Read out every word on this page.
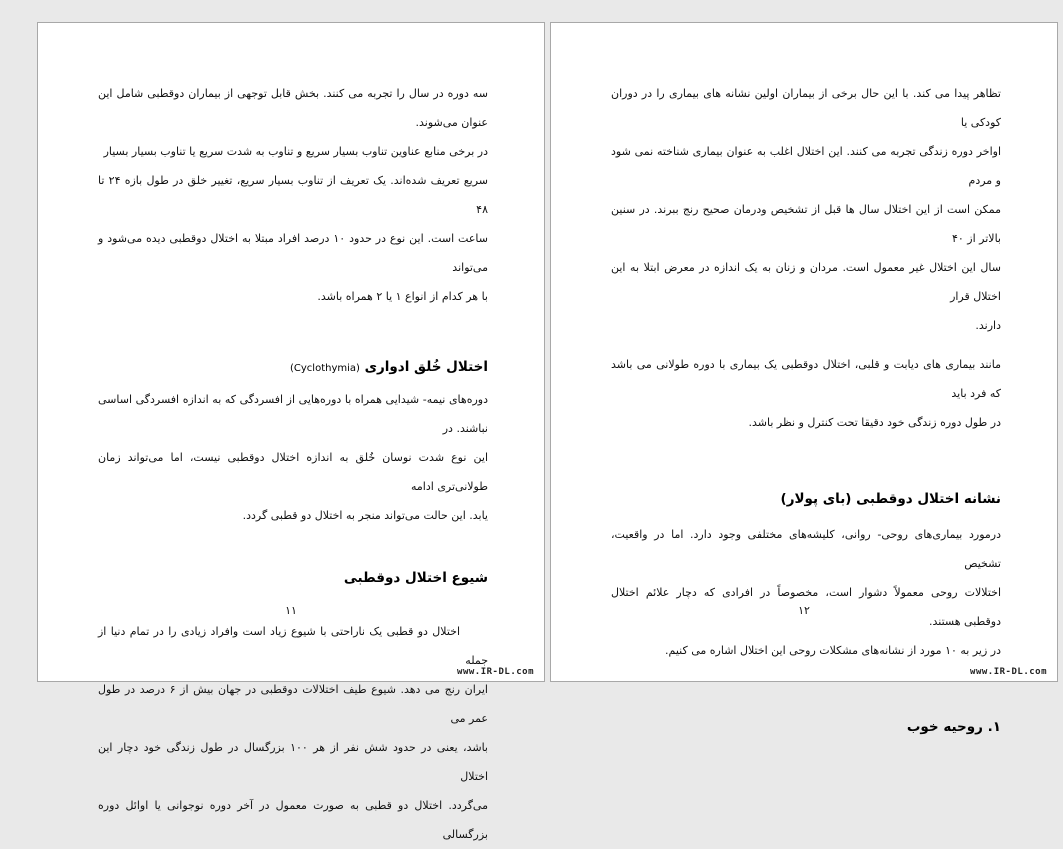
سه دوره در سال را تجربه می کنند. بخش قابل توجهی از بیماران دوقطبی شامل این عنوان می‌شوند.

در برخی منابع عناوین تناوب بسیار سریع و تناوب به شدت سریع یا تناوب بسیار بسیار

سریع تعریف شده‌اند. یک تعریف از تناوب بسیار سریع، تغییر خلق در طول بازه ۲۴ تا ۴۸

ساعت است. این نوع در حدود ۱۰ درصد افراد مبتلا به اختلال دوقطبی دیده می‌شود و می‌تواند

با هر کدام از انواع ۱ یا ۲ همراه باشد.

اختلال خُلق ادواری (Cyclothymia)

دوره‌های نیمه- شیدایی همراه با دوره‌هایی از افسردگی که به اندازه افسردگی اساسی نباشند. در

این نوع شدت نوسان خُلق به اندازه اختلال دوقطبی نیست، اما می‌تواند زمان طولانی‌تری ادامه

یابد. این حالت می‌تواند منجر به اختلال دو قطبی گردد.

شیوع اختلال دوقطبی

اختلال دو قطبی یک ناراحتی با شیوع زیاد است وافراد زیادی را در تمام دنیا از جمله

ایران رنج می دهد. شیوع طیف اختلالات دوقطبی در جهان بیش از ۶ درصد در طول عمر می

باشد، یعنی در حدود شش نفر از هر ۱۰۰ بزرگسال در طول زندگی خود دچار این اختلال

می‌گردد. اختلال دو قطبی به صورت معمول در آخر دوره نوجوانی یا اوائل دوره بزرگسالی

۱۱
www.IR-DL.com

تظاهر پیدا می کند. با این حال برخی از بیماران اولین نشانه های بیماری را در دوران کودکی یا

اواخر دوره زندگی تجربه می کنند. این اختلال اغلب به عنوان بیماری شناخته نمی شود و مردم

ممکن است از این اختلال سال ها قبل از تشخیص ودرمان صحیح رنج ببرند. در سنین بالاتر از ۴۰

سال این اختلال غیر معمول است. مردان و زنان به یک اندازه در معرض ابتلا به این اختلال قرار

دارند.

مانند بیماری های دیابت و قلبی، اختلال دوقطبی یک بیماری با دوره طولانی می باشد که فرد باید

در طول دوره زندگی خود دقیقا تحت کنترل و نظر باشد.

نشانه اختلال دوقطبی (بای پولار)

درمورد بیماری‌های روحی- روانی، کلیشه‌های مختلفی وجود دارد. اما در واقعیت، تشخیص

اختلالات روحی معمولاً دشوار است، مخصوصاً در افرادی که دچار علائم اختلال دوقطبی هستند.

در زیر به ۱۰ مورد از نشانه‌های مشکلات روحی این اختلال اشاره می کنیم.

۱. روحیه خوب
۱۲
www.IR-DL.com
